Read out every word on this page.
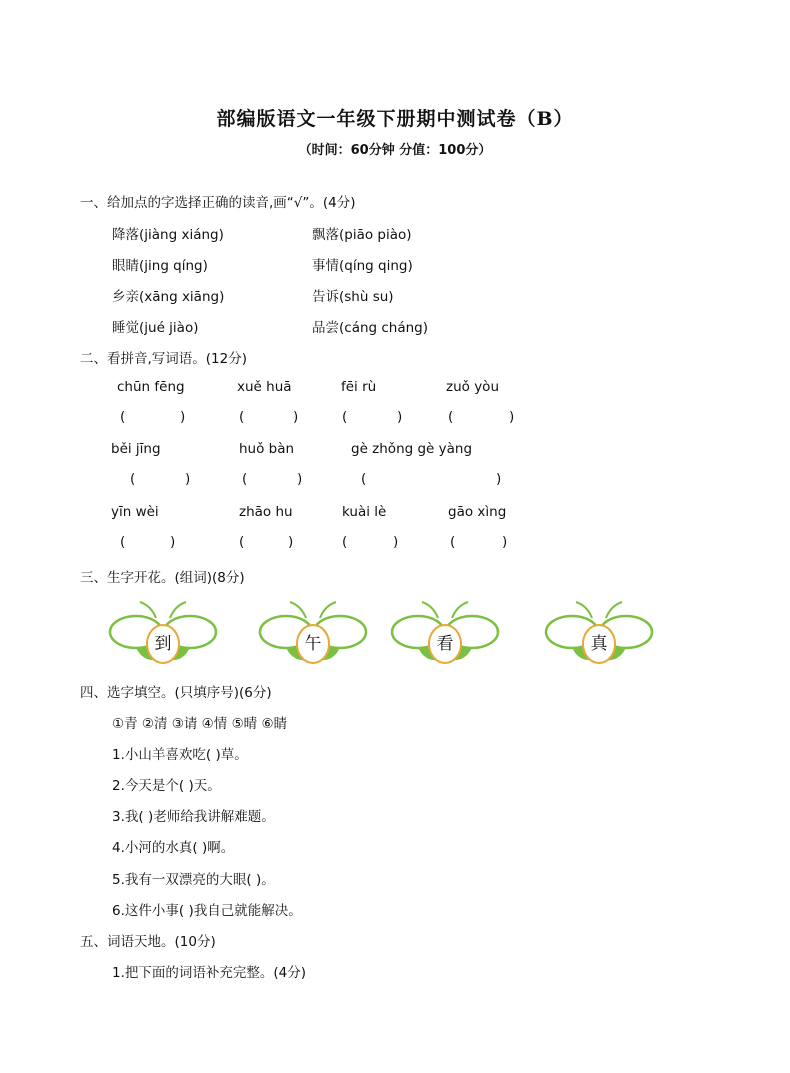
部编版语文一年级下册期中测试卷（B）
（时间：60分钟 分值：100分）
一、给加点的字选择正确的读音,画“√”。(4分)
降落(jiàng xiáng)	飘落(piāo piào)
眼睛(jing qíng)	事情(qíng qing)
乡亲(xāng xiāng)	告诉(shù su)
睡觉(jué jiào)	品尝(cáng cháng)
二、看拼音,写词语。(12分)
chūn fēng	xuě huā	fēi rù	zuǒ yòu
(	)	(	)	(	)	(	)
běi jīng	huǒ bàn	gè zhǒng gè yàng
(	)	(	)	(	)
yīn wèi	zhāo hu	kuài lè	gāo xìng
(	)	(	)	(	)	(	)
三、生字开花。(组词)(8分)
到	午	看	真
四、选字填空。(只填序号)(6分)
①青 ②清 ③请 ④情 ⑤晴 ⑥睛
1.小山羊喜欢吃( )草。
2.今天是个( )天。
3.我( )老师给我讲解难题。
4.小河的水真( )啊。
5.我有一双漂亮的大眼( )。
6.这件小事( )我自己就能解决。
五、词语天地。(10分)
1.把下面的词语补充完整。(4分)
